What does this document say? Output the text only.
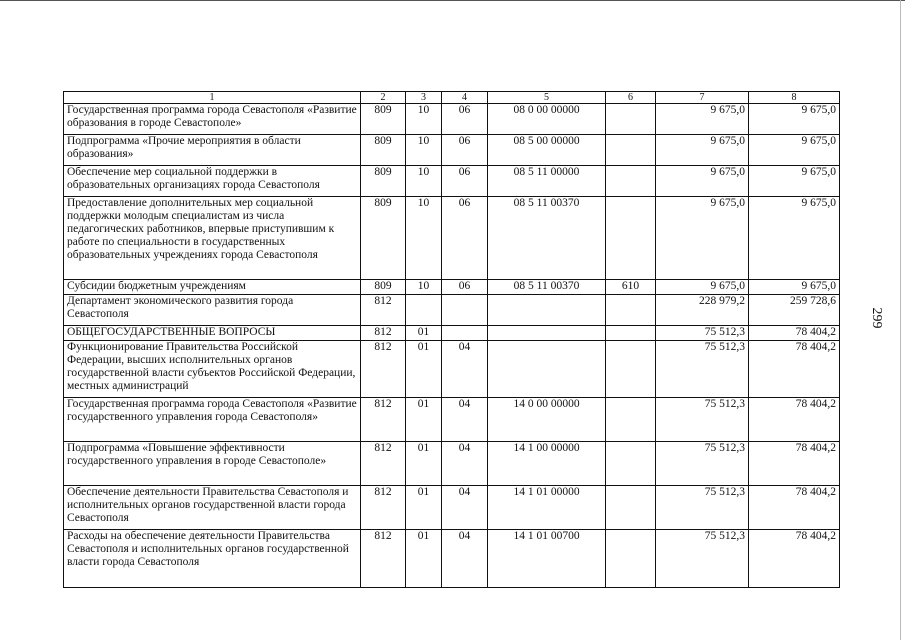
299
1	2	3	4	5	6	7	8
Государственная программа города Севастополя «Развитие образования в городе Севастополе»	809	10	06	08 0 00 00000		9 675,0	9 675,0
Подпрограмма «Прочие мероприятия в области образования»	809	10	06	08 5 00 00000		9 675,0	9 675,0
Обеспечение мер социальной поддержки в образовательных организациях города Севастополя	809	10	06	08 5 11 00000		9 675,0	9 675,0
Предоставление дополнительных мер социальной поддержки молодым специалистам из числа педагогических работников, впервые приступившим к работе по специальности в государственных образовательных учреждениях города Севастополя	809	10	06	08 5 11 00370		9 675,0	9 675,0
Субсидии бюджетным учреждениям	809	10	06	08 5 11 00370	610	9 675,0	9 675,0
Департамент экономического развития города Севастополя	812					228 979,2	259 728,6
ОБЩЕГОСУДАРСТВЕННЫЕ ВОПРОСЫ	812	01				75 512,3	78 404,2
Функционирование Правительства Российской Федерации, высших исполнительных органов государственной власти субъектов Российской Федерации, местных администраций	812	01	04			75 512,3	78 404,2
Государственная программа города Севастополя «Развитие государственного управления города Севастополя»	812	01	04	14 0 00 00000		75 512,3	78 404,2
Подпрограмма «Повышение эффективности государственного управления в городе Севастополе»	812	01	04	14 1 00 00000		75 512,3	78 404,2
Обеспечение деятельности Правительства Севастополя и исполнительных органов государственной власти города Севастополя	812	01	04	14 1 01 00000		75 512,3	78 404,2
Расходы на обеспечение деятельности Правительства Севастополя и исполнительных органов государственной власти города Севастополя	812	01	04	14 1 01 00700		75 512,3	78 404,2
